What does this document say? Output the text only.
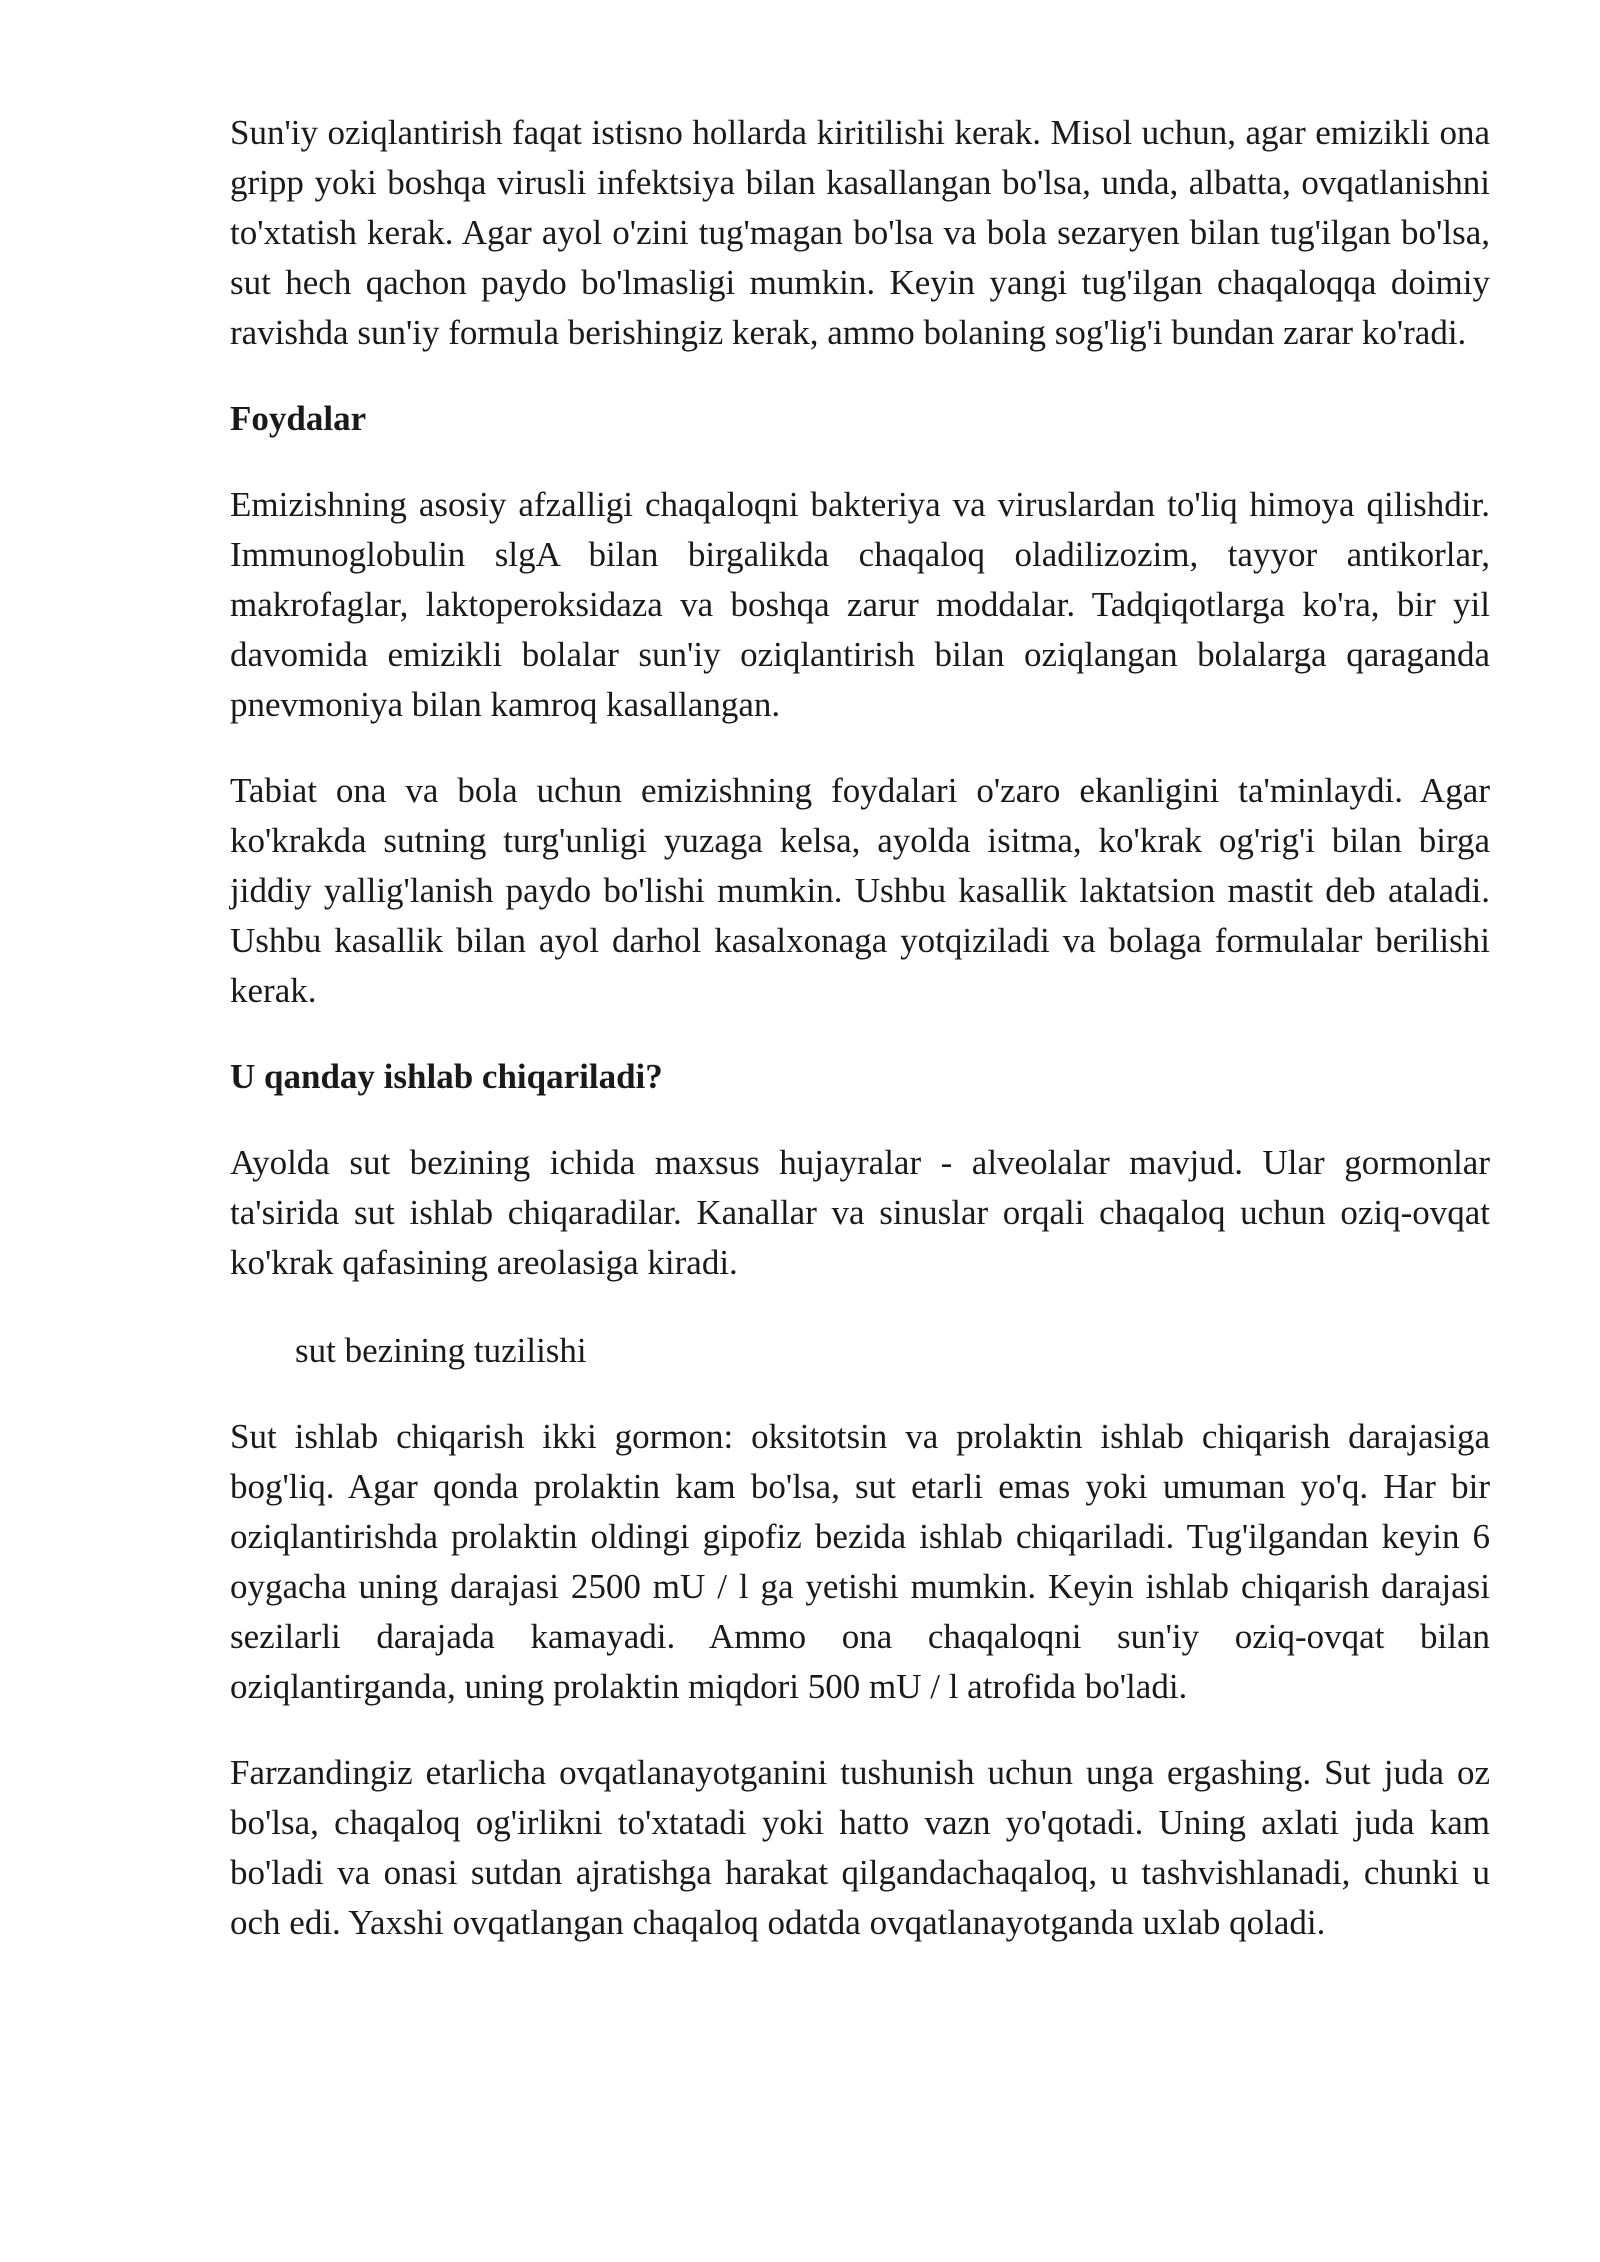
Sun'iy oziqlantirish faqat istisno hollarda kiritilishi kerak. Misol uchun, agar emizikli ona gripp yoki boshqa virusli infektsiya bilan kasallangan bo'lsa, unda, albatta, ovqatlanishni to'xtatish kerak. Agar ayol o'zini tug'magan bo'lsa va bola sezaryen bilan tug'ilgan bo'lsa, sut hech qachon paydo bo'lmasligi mumkin. Keyin yangi tug'ilgan chaqaloqqa doimiy ravishda sun'iy formula berishingiz kerak, ammo bolaning sog'lig'i bundan zarar ko'radi.

Foydalar

Emizishning asosiy afzalligi chaqaloqni bakteriya va viruslardan to'liq himoya qilishdir. Immunoglobulin slgA bilan birgalikda chaqaloq oladilizozim, tayyor antikorlar, makrofaglar, laktoperoksidaza va boshqa zarur moddalar. Tadqiqotlarga ko'ra, bir yil davomida emizikli bolalar sun'iy oziqlantirish bilan oziqlangan bolalarga qaraganda pnevmoniya bilan kamroq kasallangan.

Tabiat ona va bola uchun emizishning foydalari o'zaro ekanligini ta'minlaydi. Agar ko'krakda sutning turg'unligi yuzaga kelsa, ayolda isitma, ko'krak og'rig'i bilan birga jiddiy yallig'lanish paydo bo'lishi mumkin. Ushbu kasallik laktatsion mastit deb ataladi. Ushbu kasallik bilan ayol darhol kasalxonaga yotqiziladi va bolaga formulalar berilishi kerak.

U qanday ishlab chiqariladi?

Ayolda sut bezining ichida maxsus hujayralar - alveolalar mavjud. Ular gormonlar ta'sirida sut ishlab chiqaradilar. Kanallar va sinuslar orqali chaqaloq uchun oziq-ovqat ko'krak qafasining areolasiga kiradi.

sut bezining tuzilishi

Sut ishlab chiqarish ikki gormon: oksitotsin va prolaktin ishlab chiqarish darajasiga bog'liq. Agar qonda prolaktin kam bo'lsa, sut etarli emas yoki umuman yo'q. Har bir oziqlantirishda prolaktin oldingi gipofiz bezida ishlab chiqariladi. Tug'ilgandan keyin 6 oygacha uning darajasi 2500 mU / l ga yetishi mumkin. Keyin ishlab chiqarish darajasi sezilarli darajada kamayadi. Ammo ona chaqaloqni sun'iy oziq-ovqat bilan oziqlantirganda, uning prolaktin miqdori 500 mU / l atrofida bo'ladi.

Farzandingiz etarlicha ovqatlanayotganini tushunish uchun unga ergashing. Sut juda oz bo'lsa, chaqaloq og'irlikni to'xtatadi yoki hatto vazn yo'qotadi. Uning axlati juda kam bo'ladi va onasi sutdan ajratishga harakat qilgandachaqaloq, u tashvishlanadi, chunki u och edi. Yaxshi ovqatlangan chaqaloq odatda ovqatlanayotganda uxlab qoladi.
